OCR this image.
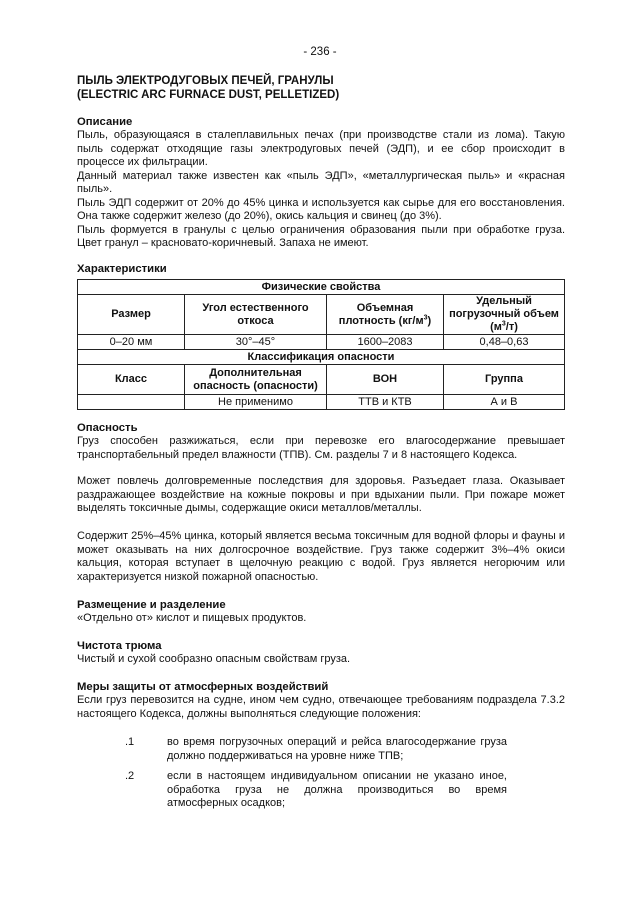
- 236 -
ПЫЛЬ ЭЛЕКТРОДУГОВЫХ ПЕЧЕЙ, ГРАНУЛЫ
(ELECTRIC ARC FURNACE DUST, PELLETIZED)
Описание
Пыль, образующаяся в сталеплавильных печах (при производстве стали из лома). Такую пыль содержат отходящие газы электродуговых печей (ЭДП), и ее сбор происходит в процессе их фильтрации.
Данный материал также известен как «пыль ЭДП», «металлургическая пыль» и «красная пыль».
Пыль ЭДП содержит от 20% до 45% цинка и используется как сырье для его восстановления. Она также содержит железо (до 20%), окись кальция и свинец (до 3%).
Пыль формуется в гранулы с целью ограничения образования пыли при обработке груза. Цвет гранул – красновато-коричневый. Запаха не имеют.
Характеристики
Физические свойства			
Размер	Угол естественного откоса	Объемная плотность $(кг/м^3)$	Удельный погрузочный объем $(м^3/т)$
0–20 мм	30°–45°	1600–2083	0,48–0,63
Классификация опасности			
Класс	Дополнительная опасность (опасности)	ВОН	Группа
	Не применимо	ТТВ и КТВ	А и В
Опасность
Груз способен разжижаться, если при перевозке его влагосодержание превышает транспортабельный предел влажности (ТПВ). См. разделы 7 и 8 настоящего Кодекса.
Может повлечь долговременные последствия для здоровья. Разъедает глаза. Оказывает раздражающее воздействие на кожные покровы и при вдыхании пыли. При пожаре может выделять токсичные дымы, содержащие окиси металлов/металлы.
Содержит 25%–45% цинка, который является весьма токсичным для водной флоры и фауны и может оказывать на них долгосрочное воздействие. Груз также содержит 3%–4% окиси кальция, которая вступает в щелочную реакцию с водой. Груз является негорючим или характеризуется низкой пожарной опасностью.
Размещение и разделение
«Отдельно от» кислот и пищевых продуктов.
Чистота трюма
Чистый и сухой сообразно опасным свойствам груза.
Меры защиты от атмосферных воздействий
Если груз перевозится на судне, ином чем судно, отвечающее требованиям подраздела 7.3.2 настоящего Кодекса, должны выполняться следующие положения:
.1	во время погрузочных операций и рейса влагосодержание груза должно поддерживаться на уровне ниже ТПВ;
.2	если в настоящем индивидуальном описании не указано иное, обработка груза не должна производиться во время атмосферных осадков;
